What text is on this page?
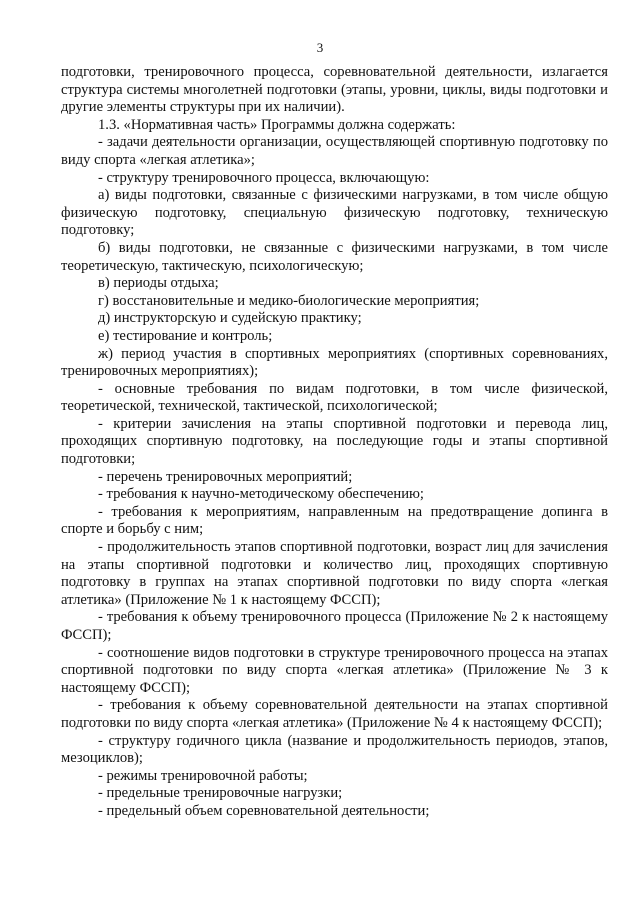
3

подготовки, тренировочного процесса, соревновательной деятельности, излагается структура системы многолетней подготовки (этапы, уровни, циклы, виды подготовки и другие элементы структуры при их наличии).

1.3. «Нормативная часть» Программы должна содержать:

- задачи деятельности организации, осуществляющей спортивную подготовку по виду спорта «легкая атлетика»;

- структуру тренировочного процесса, включающую:

а) виды подготовки, связанные с физическими нагрузками, в том числе общую физическую подготовку, специальную физическую подготовку, техническую подготовку;

б) виды подготовки, не связанные с физическими нагрузками, в том числе теоретическую, тактическую, психологическую;

в) периоды отдыха;

г) восстановительные и медико-биологические мероприятия;

д) инструкторскую и судейскую практику;

е) тестирование и контроль;

ж) период участия в спортивных мероприятиях (спортивных соревнованиях, тренировочных мероприятиях);

- основные требования по видам подготовки, в том числе физической, теоретической, технической, тактической, психологической;

- критерии зачисления на этапы спортивной подготовки и перевода лиц, проходящих спортивную подготовку, на последующие годы и этапы спортивной подготовки;

- перечень тренировочных мероприятий;

- требования к научно-методическому обеспечению;

- требования к мероприятиям, направленным на предотвращение допинга в спорте и борьбу с ним;

- продолжительность этапов спортивной подготовки, возраст лиц для зачисления на этапы спортивной подготовки и количество лиц, проходящих спортивную подготовку в группах на этапах спортивной подготовки по виду спорта «легкая атлетика» (Приложение № 1 к настоящему ФССП);

- требования к объему тренировочного процесса (Приложение № 2 к настоящему ФССП);

- соотношение видов подготовки в структуре тренировочного процесса на этапах спортивной подготовки по виду спорта «легкая атлетика» (Приложение № 3 к настоящему ФССП);

- требования к объему соревновательной деятельности на этапах спортивной подготовки по виду спорта «легкая атлетика» (Приложение № 4 к настоящему ФССП);

- структуру годичного цикла (название и продолжительность периодов, этапов, мезоциклов);

- режимы тренировочной работы;

- предельные тренировочные нагрузки;

- предельный объем соревновательной деятельности;
